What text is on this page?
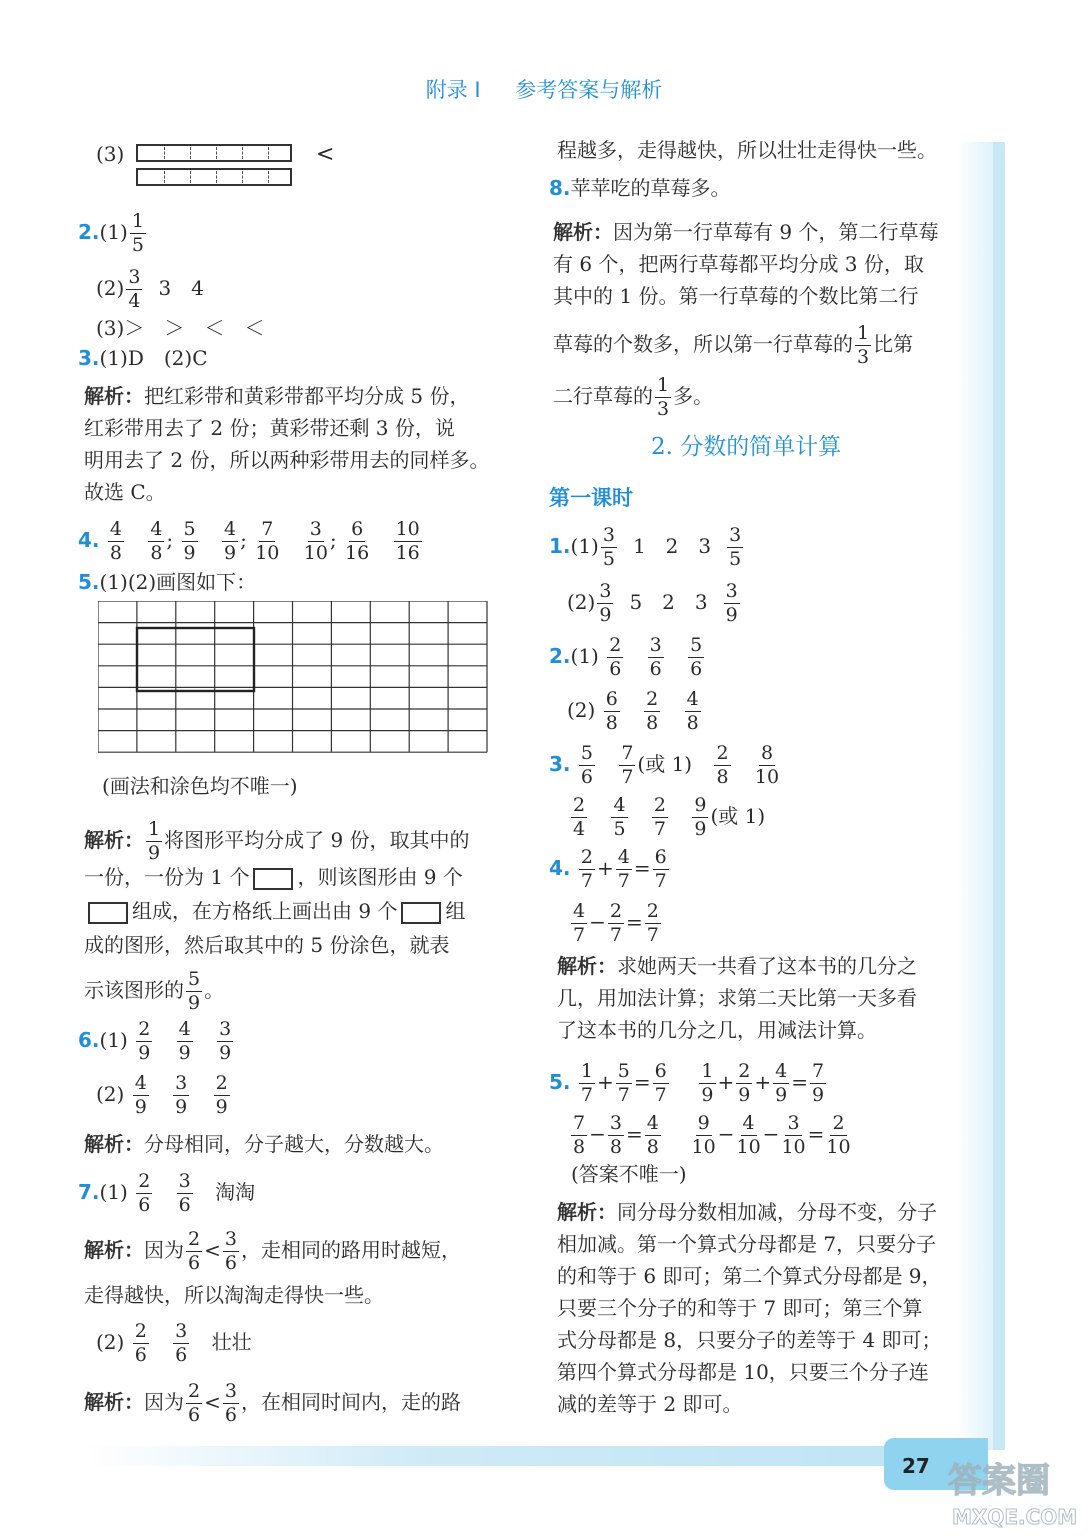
附录 I 参考答案与解析
(3)	<
$2.(1) \frac{1}{5}$
$(2) \frac{3}{4} 3$　4
(3)＞　＞　＜　＜
3.(1)D　(2)C
解析：把红彩带和黄彩带都平均分成 5 份，
红彩带用去了 2 份；黄彩带还剩 3 份，说
明用去了 2 份，所以两种彩带用去的同样多。
故选 C。
4. $\frac{4}{8}$
$\frac{4}{8}$ ; $\frac{5}{9}$
$\frac{4}{9}$ ; $\frac{7}{10}$
$\frac{3}{10}$ ; $\frac{6}{16}$
$\frac{10}{16}$
5.(1)(2)画图如下：
(画法和涂色均不唯一)
解析： $\frac{1}{9}$ 将图形平均分成了 9 份，取其中的
一份，一份为 1 个 ，则该图形由 9 个
组成，在方格纸上画出由 9 个 组
成的图形，然后取其中的 5 份涂色，就表
示该图形的 $\frac{5}{9}$ 。
$6.(1) \frac{2}{9}$
$\frac{4}{9}$
$\frac{3}{9}$
$(2) \frac{4}{9}$
$\frac{3}{9}$
$\frac{2}{9}$
解析：分母相同，分子越大，分数越大。
$7.(1) \frac{2}{6}$
$\frac{3}{6}$ 淘淘
解析：因为 $\frac{2}{6} < \frac{3}{6}$ ，走相同的路用时越短，
走得越快，所以淘淘走得快一些。
$(2) \frac{2}{6}$
$\frac{3}{6}$ 壮壮
解析：因为 $\frac{2}{6} < \frac{3}{6}$ ，在相同时间内，走的路
程越多，走得越快，所以壮壮走得快一些。
8.苹苹吃的草莓多。
解析：因为第一行草莓有 9 个，第二行草莓
有 6 个，把两行草莓都平均分成 3 份，取
其中的 1 份。第一行草莓的个数比第二行
草莓的个数多，所以第一行草莓的 $\frac{1}{3}$ 比第
二行草莓的 $\frac{1}{3}$ 多。
2. 分数的简单计算
第一课时
$1.(1) \frac{3}{5} 1$　2　$3 \frac{3}{5}$
$(2) \frac{3}{9} 5$　2　$3 \frac{3}{9}$
$2.(1) \frac{2}{6}$
$\frac{3}{6}$
$\frac{5}{6}$
$(2) \frac{6}{8}$
$\frac{2}{8}$
$\frac{4}{8}$
3. $\frac{5}{6}$
$\frac{7}{7}$ (或 $1) \frac{2}{8}$
$\frac{8}{10}$
$\frac{2}{4}$
$\frac{4}{5}$
$\frac{2}{7}$
$\frac{9}{9}$ (或 1)
4. $\frac{2}{7} + \frac{4}{7} = \frac{6}{7}$
$\frac{4}{7} - \frac{2}{7} = \frac{2}{7}$
解析：求她两天一共看了这本书的几分之
几，用加法计算；求第二天比第一天多看
了这本书的几分之几，用减法计算。
5. $\frac{1}{7} + \frac{5}{7} = \frac{6}{7}$
$\frac{1}{9} + \frac{2}{9} + \frac{4}{9} = \frac{7}{9}$
$\frac{7}{8} - \frac{3}{8} = \frac{4}{8}$
$\frac{9}{10} - \frac{4}{10} - \frac{3}{10} = \frac{2}{10}$
(答案不唯一)
解析：同分母分数相加减，分母不变，分子
相加减。第一个算式分母都是 7，只要分子
的和等于 6 即可；第二个算式分母都是 9，
只要三个分子的和等于 7 即可；第三个算
式分母都是 8，只要分子的差等于 4 即可；
第四个算式分母都是 10，只要三个分子连
减的差等于 2 即可。
27 答案圈
MXQE.COM
